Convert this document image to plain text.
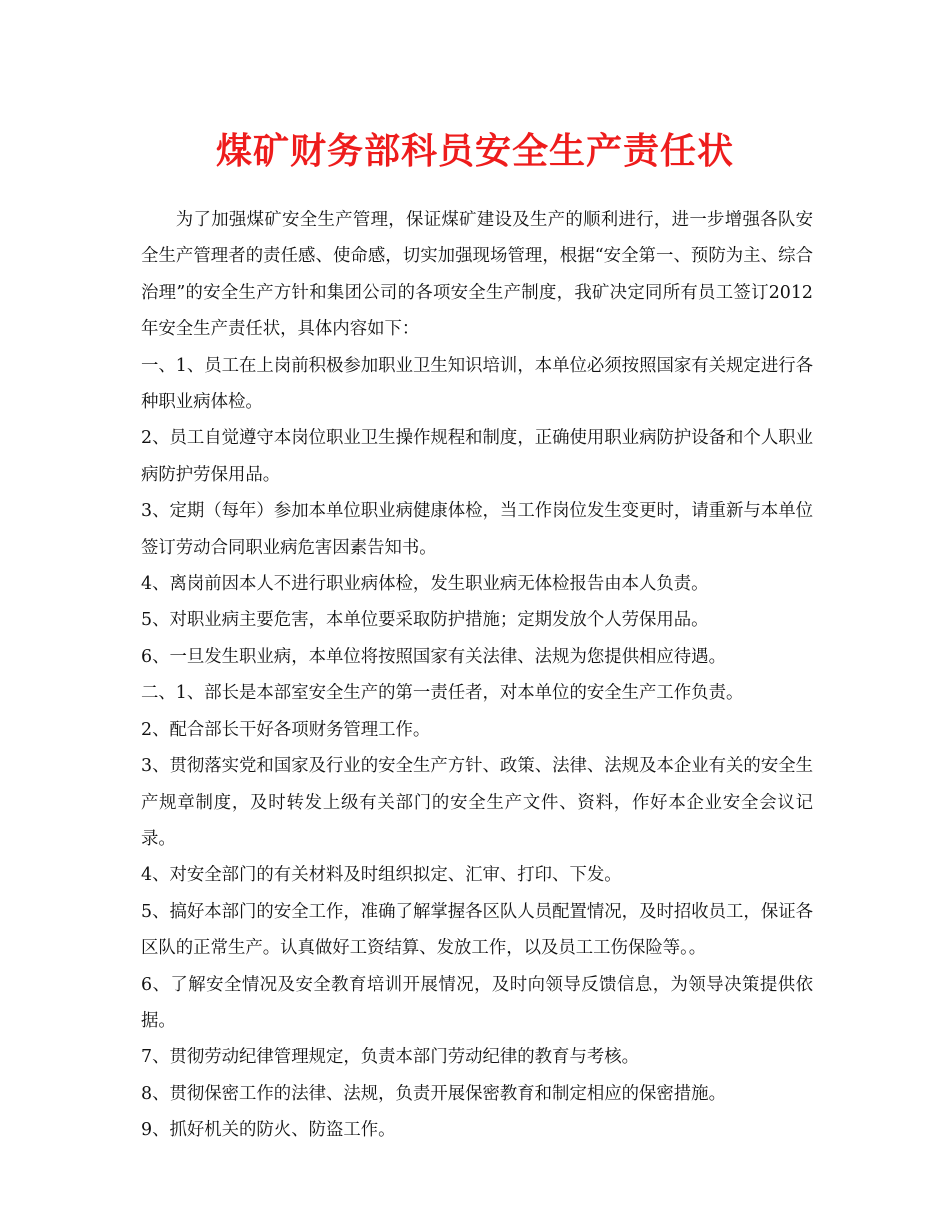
煤矿财务部科员安全生产责任状

为了加强煤矿安全生产管理，保证煤矿建设及生产的顺利进行，进一步增强各队安全生产管理者的责任感、使命感，切实加强现场管理，根据“安全第一、预防为主、综合治理”的安全生产方针和集团公司的各项安全生产制度，我矿决定同所有员工签订2012年安全生产责任状，具体内容如下：

一、1、员工在上岗前积极参加职业卫生知识培训，本单位必须按照国家有关规定进行各种职业病体检。

2、员工自觉遵守本岗位职业卫生操作规程和制度，正确使用职业病防护设备和个人职业病防护劳保用品。

3、定期（每年）参加本单位职业病健康体检，当工作岗位发生变更时，请重新与本单位签订劳动合同职业病危害因素告知书。

4、离岗前因本人不进行职业病体检，发生职业病无体检报告由本人负责。

5、对职业病主要危害，本单位要采取防护措施；定期发放个人劳保用品。

6、一旦发生职业病，本单位将按照国家有关法律、法规为您提供相应待遇。

二、1、部长是本部室安全生产的第一责任者，对本单位的安全生产工作负责。

2、配合部长干好各项财务管理工作。

3、贯彻落实党和国家及行业的安全生产方针、政策、法律、法规及本企业有关的安全生产规章制度，及时转发上级有关部门的安全生产文件、资料，作好本企业安全会议记录。

4、对安全部门的有关材料及时组织拟定、汇审、打印、下发。

5、搞好本部门的安全工作，准确了解掌握各区队人员配置情况，及时招收员工，保证各区队的正常生产。认真做好工资结算、发放工作，以及员工工伤保险等。。

6、了解安全情况及安全教育培训开展情况，及时向领导反馈信息，为领导决策提供依据。

7、贯彻劳动纪律管理规定，负责本部门劳动纪律的教育与考核。

8、贯彻保密工作的法律、法规，负责开展保密教育和制定相应的保密措施。

9、抓好机关的防火、防盗工作。
